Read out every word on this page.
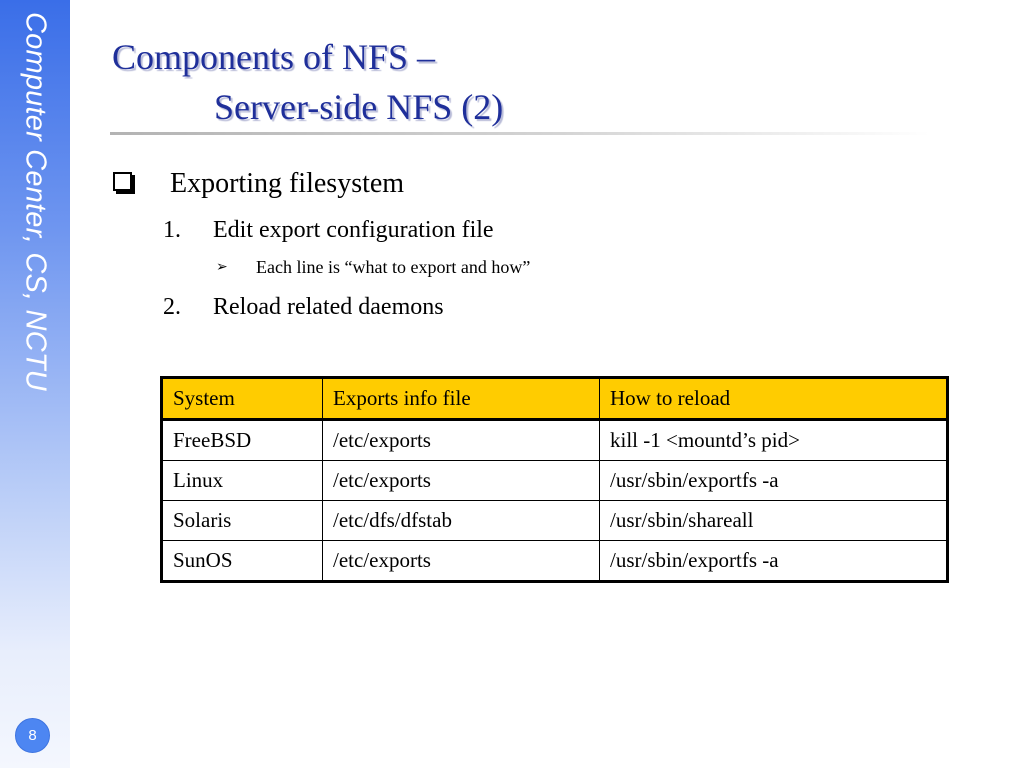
Computer Center, CS, NCTU
8
Components of NFS –
Server-side NFS (2)
Exporting filesystem
1. Edit export configuration file
➢ Each line is “what to export and how”
2. Reload related daemons
System	Exports info file	How to reload
FreeBSD	/etc/exports	kill -1 <mountd’s pid>
Linux	/etc/exports	/usr/sbin/exportfs -a
Solaris	/etc/dfs/dfstab	/usr/sbin/shareall
SunOS	/etc/exports	/usr/sbin/exportfs -a
